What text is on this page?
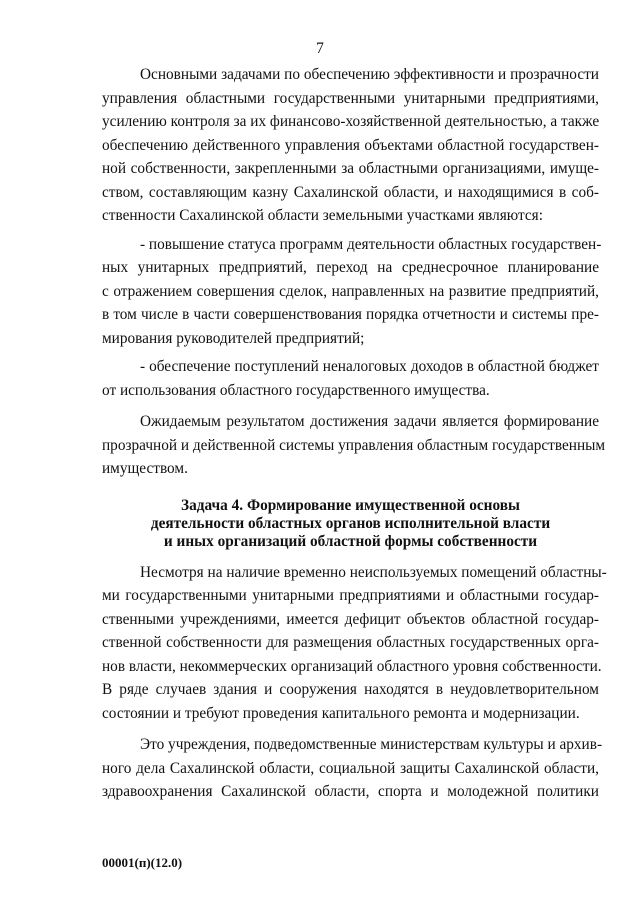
7
Основными задачами по обеспечению эффективности и прозрачности
управления областными государственными унитарными предприятиями,
усилению контроля за их финансово-хозяйственной деятельностью, а также
обеспечению действенного управления объектами областной государствен-
ной собственности, закрепленными за областными организациями, имуще-
ством, составляющим казну Сахалинской области, и находящимися в соб-
ственности Сахалинской области земельными участками являются:
- повышение статуса программ деятельности областных государствен-
ных унитарных предприятий, переход на среднесрочное планирование
с отражением совершения сделок, направленных на развитие предприятий,
в том числе в части совершенствования порядка отчетности и системы пре-
мирования руководителей предприятий;
- обеспечение поступлений неналоговых доходов в областной бюджет
от использования областного государственного имущества.
Ожидаемым результатом достижения задачи является формирование
прозрачной и действенной системы управления областным государственным
имуществом.
Задача 4. Формирование имущественной основы
деятельности областных органов исполнительной власти
и иных организаций областной формы собственности
Несмотря на наличие временно неиспользуемых помещений областны-
ми государственными унитарными предприятиями и областными государ-
ственными учреждениями, имеется дефицит объектов областной государ-
ственной собственности для размещения областных государственных орга-
нов власти, некоммерческих организаций областного уровня собственности.
В ряде случаев здания и сооружения находятся в неудовлетворительном
состоянии и требуют проведения капитального ремонта и модернизации.
Это учреждения, подведомственные министерствам культуры и архив-
ного дела Сахалинской области, социальной защиты Сахалинской области,
здравоохранения Сахалинской области, спорта и молодежной политики
00001(п)(12.0)
